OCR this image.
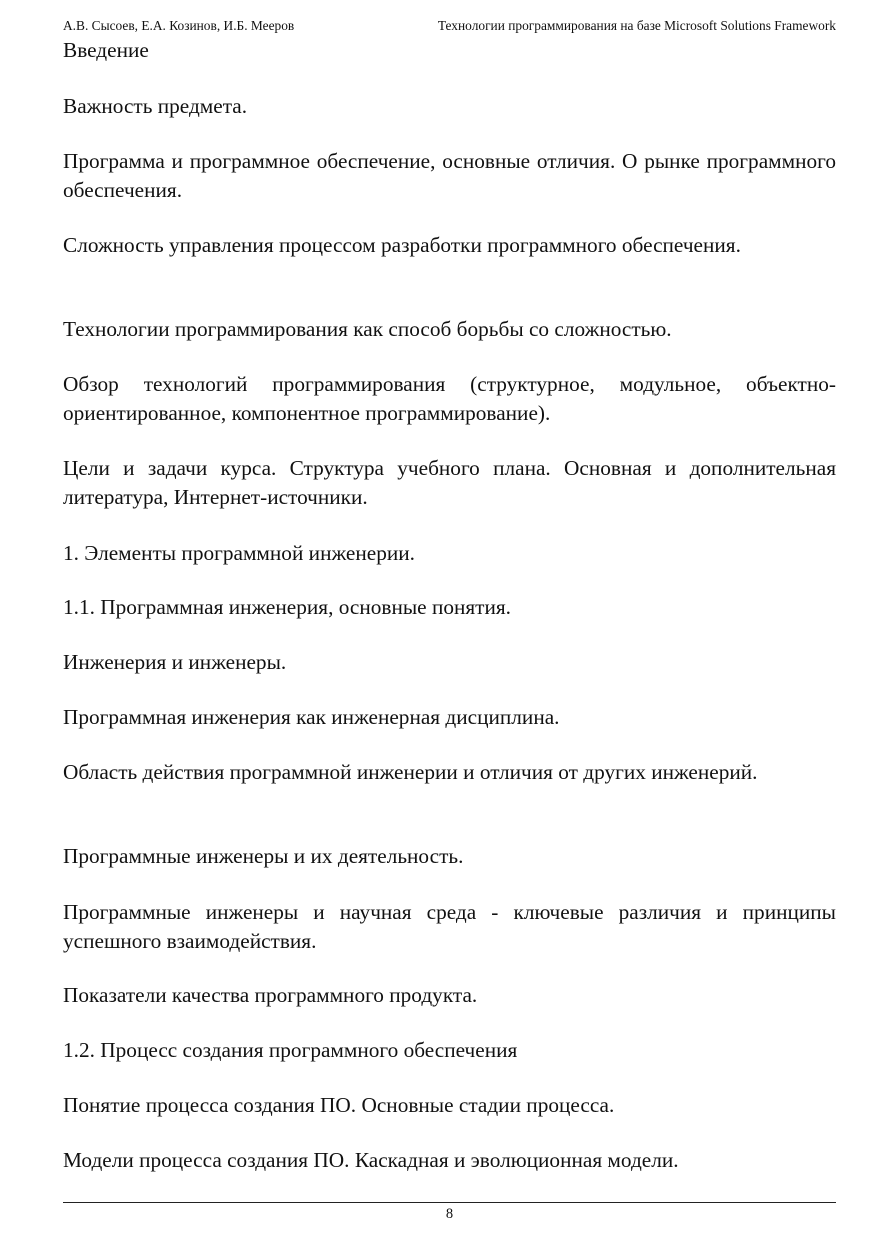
А.В. Сысоев, Е.А. Козинов, И.Б. Мееров	Технологии программирования на базе Microsoft Solutions Framework

Введение

Важность предмета.

Программа и программное обеспечение, основные отличия. О рынке программного обеспечения.

Сложность управления процессом разработки программного обеспечения.

Технологии программирования как способ борьбы со сложностью.

Обзор технологий программирования (структурное, модульное, объектно-ориентированное, компонентное программирование).

Цели и задачи курса. Структура учебного плана. Основная и дополнительная литература, Интернет-источники.

1. Элементы программной инженерии.

1.1. Программная инженерия, основные понятия.

Инженерия и инженеры.

Программная инженерия как инженерная дисциплина.

Область действия программной инженерии и отличия от других инженерий.

Программные инженеры и их деятельность.

Программные инженеры и научная среда - ключевые различия и принципы успешного взаимодействия.

Показатели качества программного продукта.

1.2. Процесс создания программного обеспечения

Понятие процесса создания ПО. Основные стадии процесса.

Модели процесса создания ПО. Каскадная и эволюционная модели.

8
